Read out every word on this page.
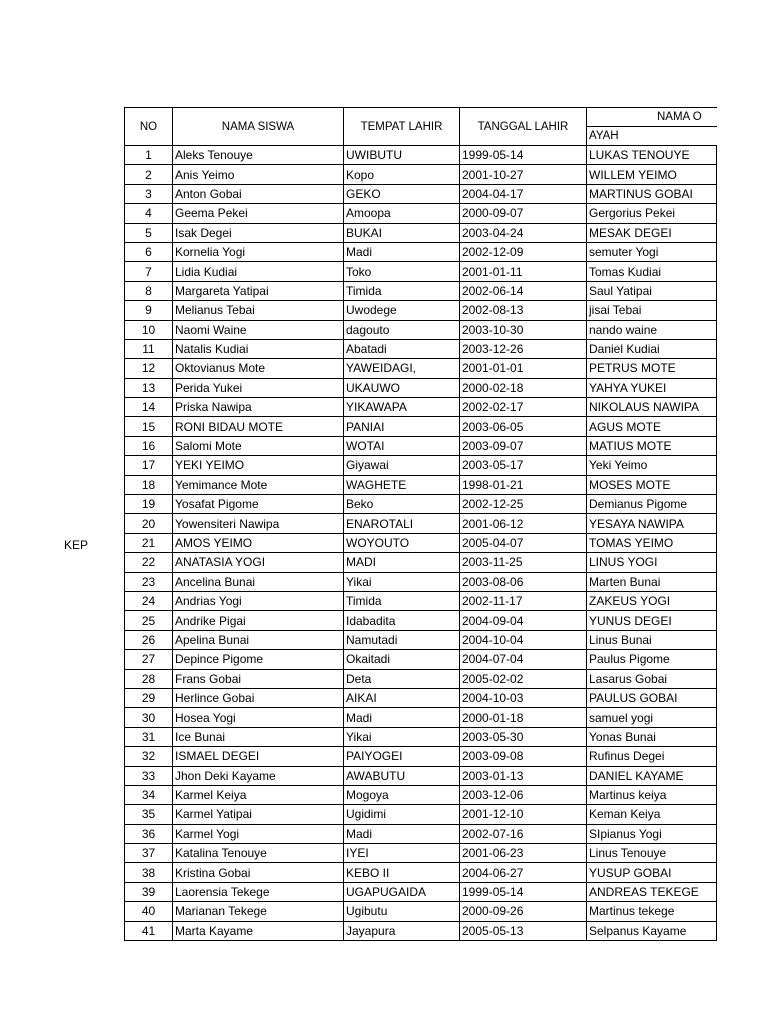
KEP
NO	NAMA SISWA	TEMPAT LAHIR	TANGGAL LAHIR	NAMA O
				AYAH
1	Aleks Tenouye	UWIBUTU	1999-05-14	LUKAS TENOUYE
2	Anis Yeimo	Kopo	2001-10-27	WILLEM YEIMO
3	Anton Gobai	GEKO	2004-04-17	MARTINUS GOBAI
4	Geema Pekei	Amoopa	2000-09-07	Gergorius Pekei
5	Isak Degei	BUKAI	2003-04-24	MESAK DEGEI
6	Kornelia Yogi	Madi	2002-12-09	semuter Yogi
7	Lidia Kudiai	Toko	2001-01-11	Tomas Kudiai
8	Margareta Yatipai	Timida	2002-06-14	Saul Yatipai
9	Melianus Tebai	Uwodege	2002-08-13	jisai Tebai
10	Naomi Waine	dagouto	2003-10-30	nando waine
11	Natalis Kudiai	Abatadi	2003-12-26	Daniel Kudiai
12	Oktovianus Mote	YAWEIDAGI,	2001-01-01	PETRUS MOTE
13	Perida Yukei	UKAUWO	2000-02-18	YAHYA YUKEI
14	Priska Nawipa	YIKAWAPA	2002-02-17	NIKOLAUS NAWIPA
15	RONI BIDAU MOTE	PANIAI	2003-06-05	AGUS MOTE
16	Salomi Mote	WOTAI	2003-09-07	MATIUS MOTE
17	YEKI YEIMO	Giyawai	2003-05-17	Yeki Yeimo
18	Yemimance Mote	WAGHETE	1998-01-21	MOSES MOTE
19	Yosafat Pigome	Beko	2002-12-25	Demianus Pigome
20	Yowensiteri Nawipa	ENAROTALI	2001-06-12	YESAYA NAWIPA
21	AMOS YEIMO	WOYOUTO	2005-04-07	TOMAS YEIMO
22	ANATASIA YOGI	MADI	2003-11-25	LINUS YOGI
23	Ancelina Bunai	Yikai	2003-08-06	Marten Bunai
24	Andrias Yogi	Timida	2002-11-17	ZAKEUS YOGI
25	Andrike Pigai	Idabadita	2004-09-04	YUNUS DEGEI
26	Apelina Bunai	Namutadi	2004-10-04	Linus Bunai
27	Depince Pigome	Okaitadi	2004-07-04	Paulus Pigome
28	Frans Gobai	Deta	2005-02-02	Lasarus Gobai
29	Herlince Gobai	AIKAI	2004-10-03	PAULUS GOBAI
30	Hosea Yogi	Madi	2000-01-18	samuel yogi
31	Ice Bunai	Yikai	2003-05-30	Yonas Bunai
32	ISMAEL DEGEI	PAIYOGEI	2003-09-08	Rufinus Degei
33	Jhon Deki Kayame	AWABUTU	2003-01-13	DANIEL KAYAME
34	Karmel Keiya	Mogoya	2003-12-06	Martinus keiya
35	Karmel Yatipai	Ugidimi	2001-12-10	Keman Keiya
36	Karmel Yogi	Madi	2002-07-16	SIpianus Yogi
37	Katalina Tenouye	IYEI	2001-06-23	Linus Tenouye
38	Kristina Gobai	KEBO II	2004-06-27	YUSUP GOBAI
39	Laorensia Tekege	UGAPUGAIDA	1999-05-14	ANDREAS TEKEGE
40	Marianan Tekege	Ugibutu	2000-09-26	Martinus tekege
41	Marta Kayame	Jayapura	2005-05-13	Selpanus Kayame
